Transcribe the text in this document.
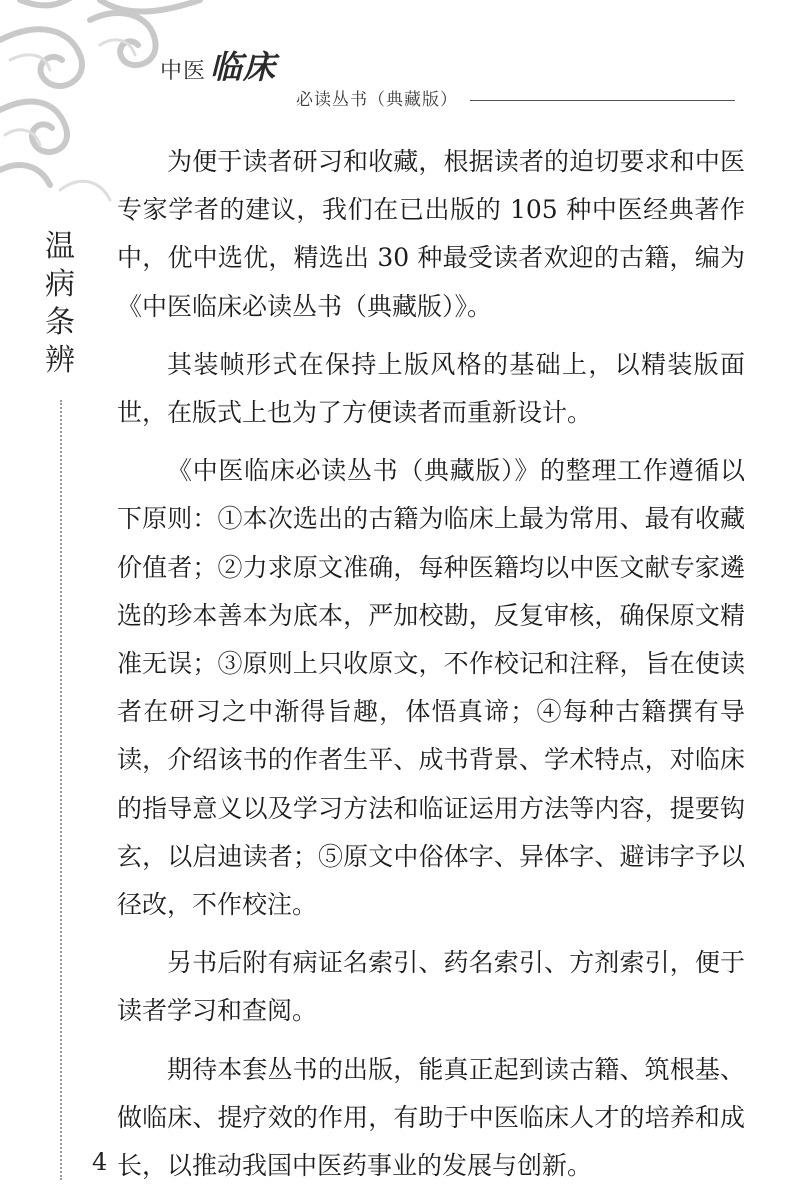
中医 临床
必读丛书（典藏版）
温
病
条
辨

为便于读者研习和收藏，根据读者的迫切要求和中医专家学者的建议，我们在已出版的 105 种中医经典著作中，优中选优，精选出 30 种最受读者欢迎的古籍，编为《中医临床必读丛书（典藏版）》。

其装帧形式在保持上版风格的基础上，以精装版面世，在版式上也为了方便读者而重新设计。

《中医临床必读丛书（典藏版）》的整理工作遵循以下原则：①本次选出的古籍为临床上最为常用、最有收藏价值者；②力求原文准确，每种医籍均以中医文献专家遴选的珍本善本为底本，严加校勘，反复审核，确保原文精准无误；③原则上只收原文，不作校记和注释，旨在使读者在研习之中渐得旨趣，体悟真谛；④每种古籍撰有导读，介绍该书的作者生平、成书背景、学术特点，对临床的指导意义以及学习方法和临证运用方法等内容，提要钩玄，以启迪读者；⑤原文中俗体字、异体字、避讳字予以径改，不作校注。

另书后附有病证名索引、药名索引、方剂索引，便于读者学习和查阅。

期待本套丛书的出版，能真正起到读古籍、筑根基、做临床、提疗效的作用，有助于中医临床人才的培养和成长，以推动我国中医药事业的发展与创新。

4
